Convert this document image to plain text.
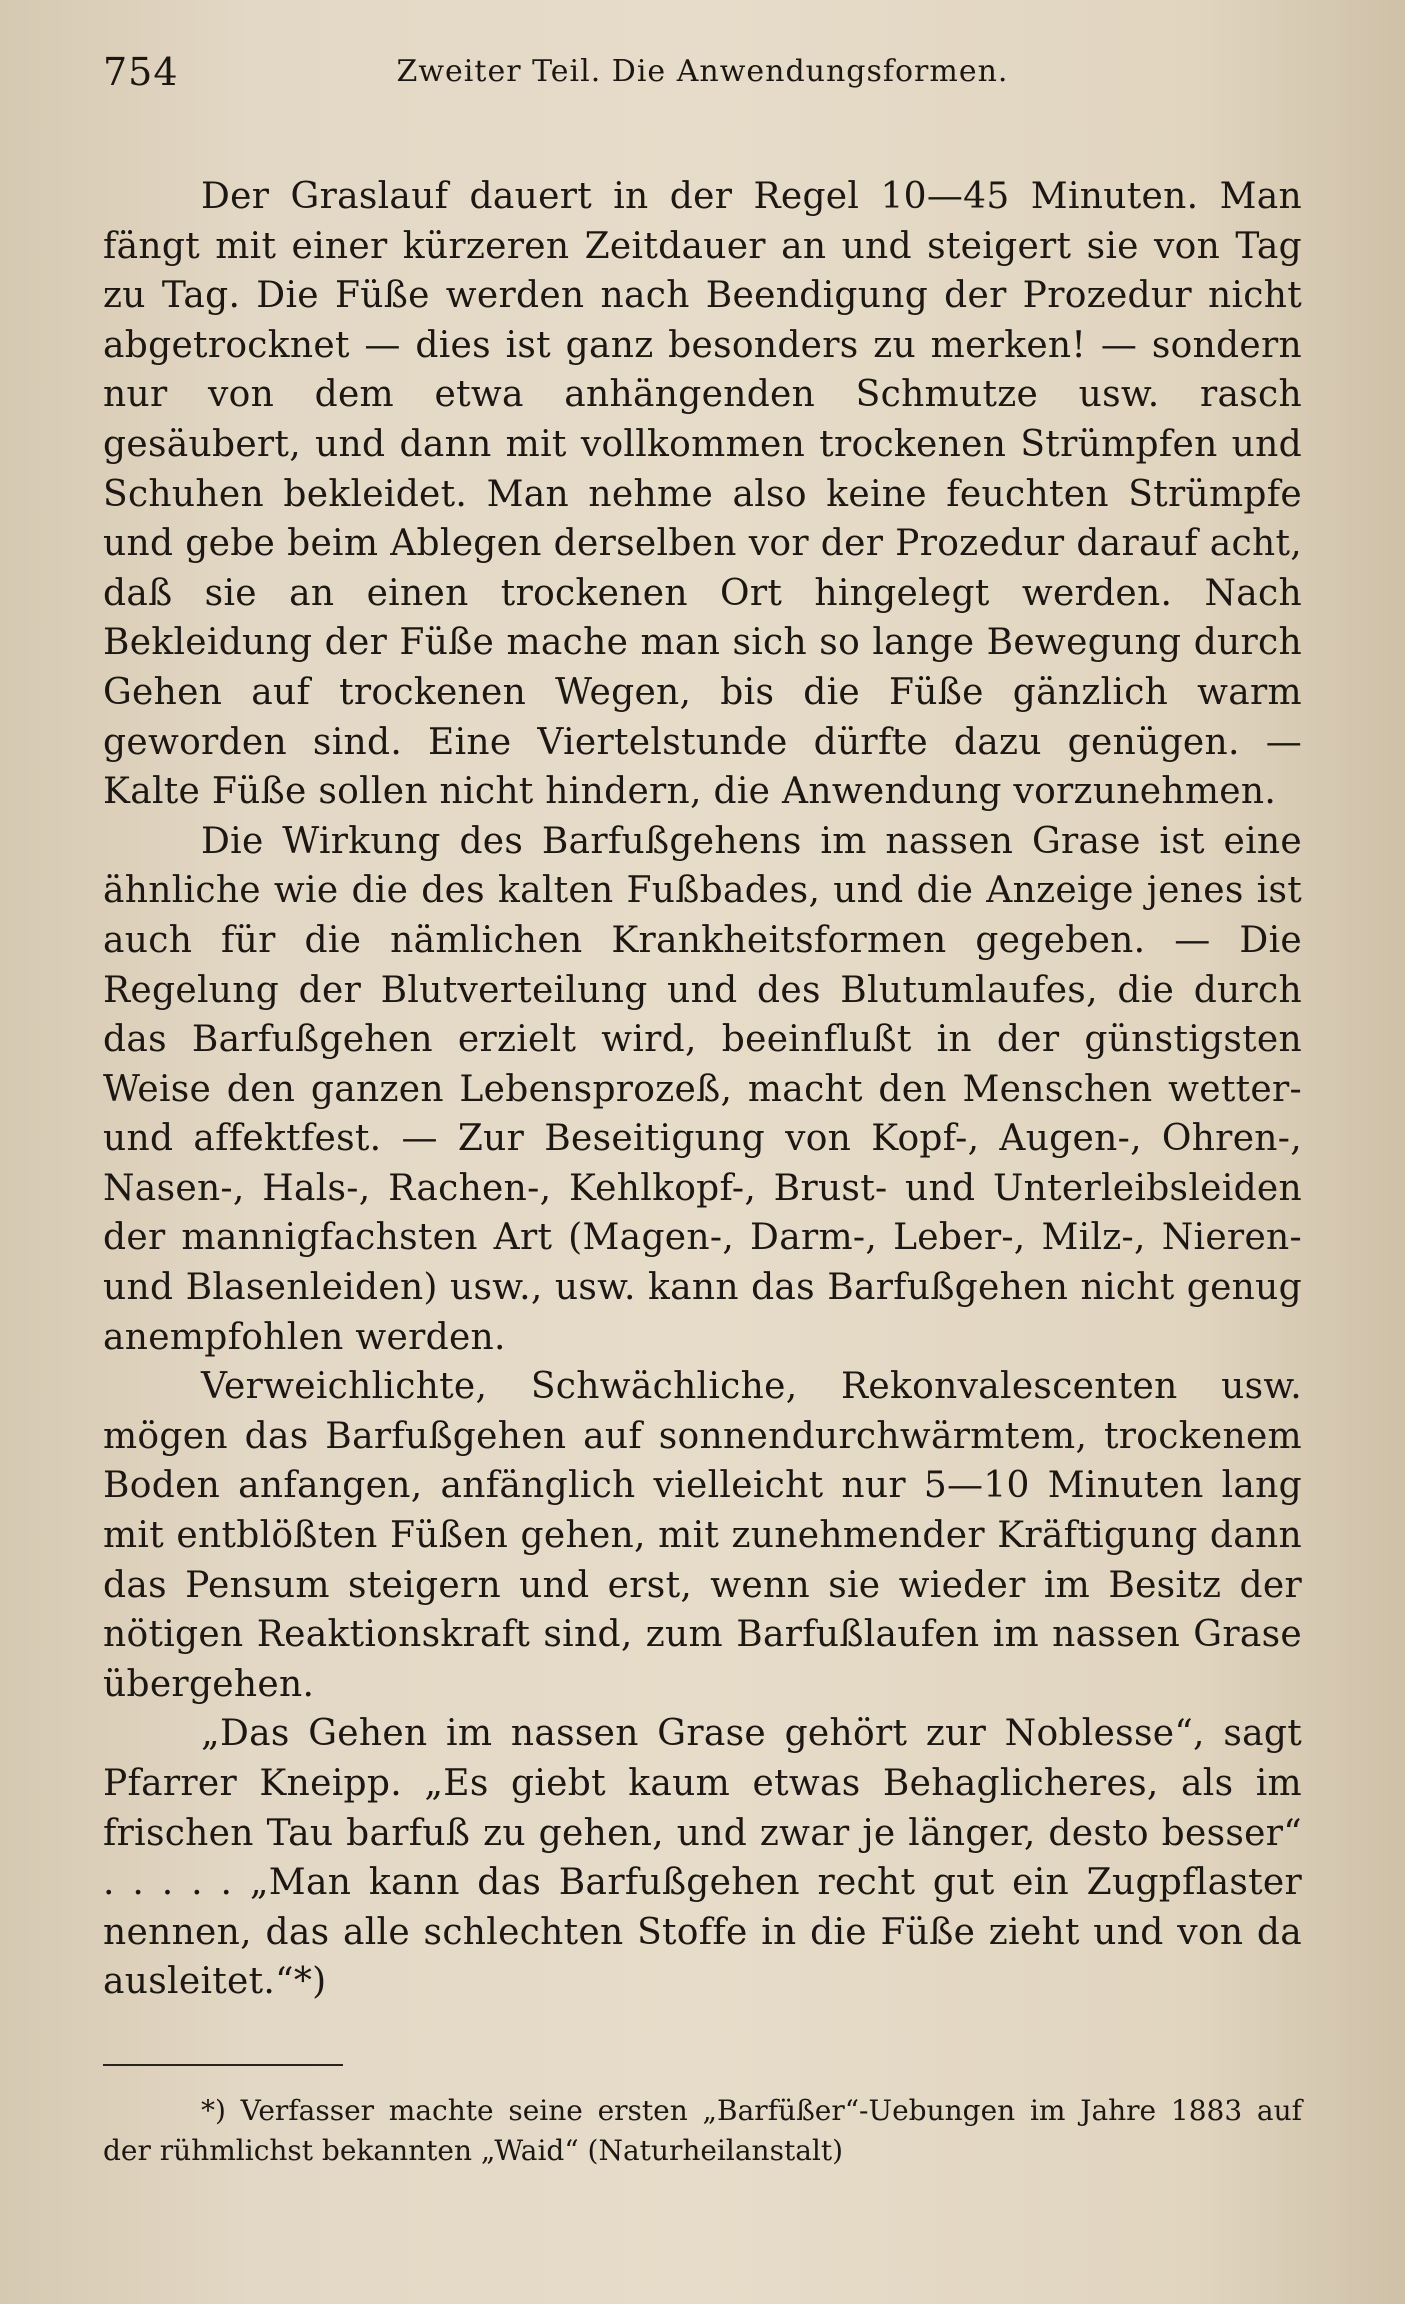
754	Zweiter Teil. Die Anwendungsformen.

Der Graslauf dauert in der Regel 10—45 Minuten. Man fängt mit einer kürzeren Zeitdauer an und steigert sie von Tag zu Tag. Die Füße werden nach Beendigung der Prozedur nicht abgetrocknet — dies ist ganz besonders zu merken! — sondern nur von dem etwa anhängenden Schmutze usw. rasch gesäubert, und dann mit vollkommen trockenen Strümpfen und Schuhen bekleidet. Man nehme also keine feuchten Strümpfe und gebe beim Ablegen derselben vor der Prozedur darauf acht, daß sie an einen trockenen Ort hingelegt werden. Nach Bekleidung der Füße mache man sich so lange Bewegung durch Gehen auf trockenen Wegen, bis die Füße gänzlich warm geworden sind. Eine Viertelstunde dürfte dazu genügen. — Kalte Füße sollen nicht hindern, die Anwendung vorzunehmen.

Die Wirkung des Barfußgehens im nassen Grase ist eine ähnliche wie die des kalten Fußbades, und die Anzeige jenes ist auch für die nämlichen Krankheitsformen gegeben. — Die Regelung der Blutverteilung und des Blutumlaufes, die durch das Barfußgehen erzielt wird, beeinflußt in der günstigsten Weise den ganzen Lebensprozeß, macht den Menschen wetter- und affektfest. — Zur Beseitigung von Kopf-, Augen-, Ohren-, Nasen-, Hals-, Rachen-, Kehlkopf-, Brust- und Unterleibsleiden der mannigfachsten Art (Magen-, Darm-, Leber-, Milz-, Nieren- und Blasenleiden) usw., usw. kann das Barfußgehen nicht genug anempfohlen werden.

Verweichlichte, Schwächliche, Rekonvalescenten usw. mögen das Barfußgehen auf sonnendurchwärmtem, trockenem Boden anfangen, anfänglich vielleicht nur 5—10 Minuten lang mit entblößten Füßen gehen, mit zunehmender Kräftigung dann das Pensum steigern und erst, wenn sie wieder im Besitz der nötigen Reaktionskraft sind, zum Barfußlaufen im nassen Grase übergehen.

„Das Gehen im nassen Grase gehört zur Noblesse“, sagt Pfarrer Kneipp. „Es giebt kaum etwas Behaglicheres, als im frischen Tau barfuß zu gehen, und zwar je länger, desto besser“ . . . . . „Man kann das Barfußgehen recht gut ein Zugpflaster nennen, das alle schlechten Stoffe in die Füße zieht und von da ausleitet.“*)

*) Verfasser machte seine ersten „Barfüßer“-Uebungen im Jahre 1883 auf der rühmlichst bekannten „Waid“ (Naturheilanstalt)
